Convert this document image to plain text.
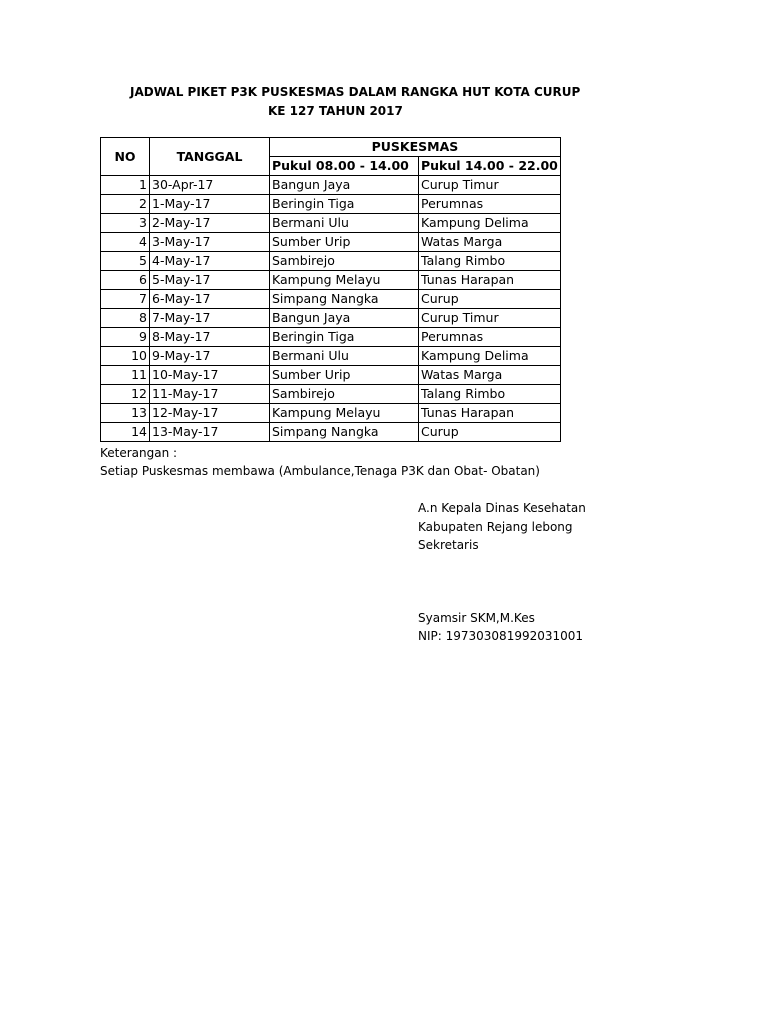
JADWAL PIKET P3K PUSKESMAS DALAM RANGKA HUT KOTA CURUP
KE 127 TAHUN 2017
NO	TANGGAL	PUSKESMAS	
		Pukul 08.00 - 14.00	Pukul 14.00 - 22.00
1	30-Apr-17	Bangun Jaya	Curup Timur
2	1-May-17	Beringin Tiga	Perumnas
3	2-May-17	Bermani Ulu	Kampung Delima
4	3-May-17	Sumber Urip	Watas Marga
5	4-May-17	Sambirejo	Talang Rimbo
6	5-May-17	Kampung Melayu	Tunas Harapan
7	6-May-17	Simpang Nangka	Curup
8	7-May-17	Bangun Jaya	Curup Timur
9	8-May-17	Beringin Tiga	Perumnas
10	9-May-17	Bermani Ulu	Kampung Delima
11	10-May-17	Sumber Urip	Watas Marga
12	11-May-17	Sambirejo	Talang Rimbo
13	12-May-17	Kampung Melayu	Tunas Harapan
14	13-May-17	Simpang Nangka	Curup
Keterangan :
Setiap Puskesmas membawa (Ambulance,Tenaga P3K dan Obat- Obatan)
A.n Kepala Dinas Kesehatan
Kabupaten Rejang lebong
Sekretaris
Syamsir SKM,M.Kes
NIP: 197303081992031001
